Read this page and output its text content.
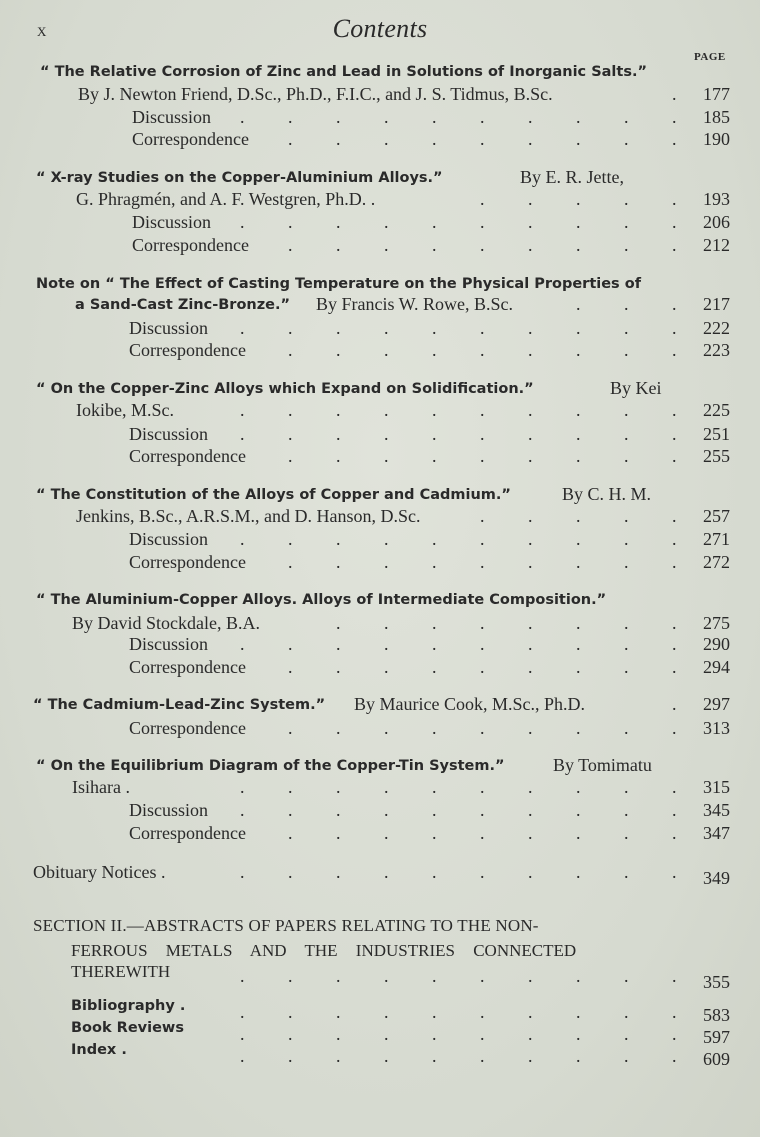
x	Contents
PAGE
“ The Relative Corrosion of Zinc and Lead in Solutions of Inorganic Salts.”
By J. Newton Friend, D.Sc., Ph.D., F.I.C., and J. S. Tidmus, B.Sc.	.	177
Discussion . . . . . . . . . .	185
Correspondence . . . . . . . . .	190
“ X-ray Studies on the Copper-Aluminium Alloys.”	By E. R. Jette,
G. Phragmén, and A. F. Westgren, Ph.D. .	. . . . .	193
Discussion . . . . . . . . . .	206
Correspondence . . . . . . . . .	212
Note on “ The Effect of Casting Temperature on the Physical Properties of
a Sand-Cast Zinc-Bronze.” By Francis W. Rowe, B.Sc.	. . .	217
Discussion . . . . . . . . . .	222
Correspondence . . . . . . . . .	223
“ On the Copper-Zinc Alloys which Expand on Solidification.”	By Kei
Iokibe, M.Sc.	. . . . . . . . . .	225
Discussion . . . . . . . . . .	251
Correspondence . . . . . . . . .	255
“ The Constitution of the Alloys of Copper and Cadmium.”	By C. H. M.
Jenkins, B.Sc., A.R.S.M., and D. Hanson, D.Sc.	. . . . .	257
Discussion . . . . . . . . . .	271
Correspondence . . . . . . . . .	272
“ The Aluminium-Copper Alloys. Alloys of Intermediate Composition.”
By David Stockdale, B.A.	. . . . . . . .	275
Discussion . . . . . . . . . .	290
Correspondence . . . . . . . . .	294
“ The Cadmium-Lead-Zinc System.” By Maurice Cook, M.Sc., Ph.D.	.	297
Correspondence . . . . . . . . .	313
“ On the Equilibrium Diagram of the Copper-Tin System.”	By Tomimatu
Isihara .	. . . . . . . . . .	315
Discussion . . . . . . . . . .	345
Correspondence . . . . . . . . .	347
Obituary Notices .	. . . . . . . . . .	349
SECTION II.—ABSTRACTS OF PAPERS RELATING TO THE NON-
FERROUS METALS AND THE INDUSTRIES CONNECTED
THEREWITH	. . . . . . . . . .	355
Bibliography .	. . . . . . . . . .	583
Book Reviews	. . . . . . . . . .	597
Index .	. . . . . . . . . .	609
